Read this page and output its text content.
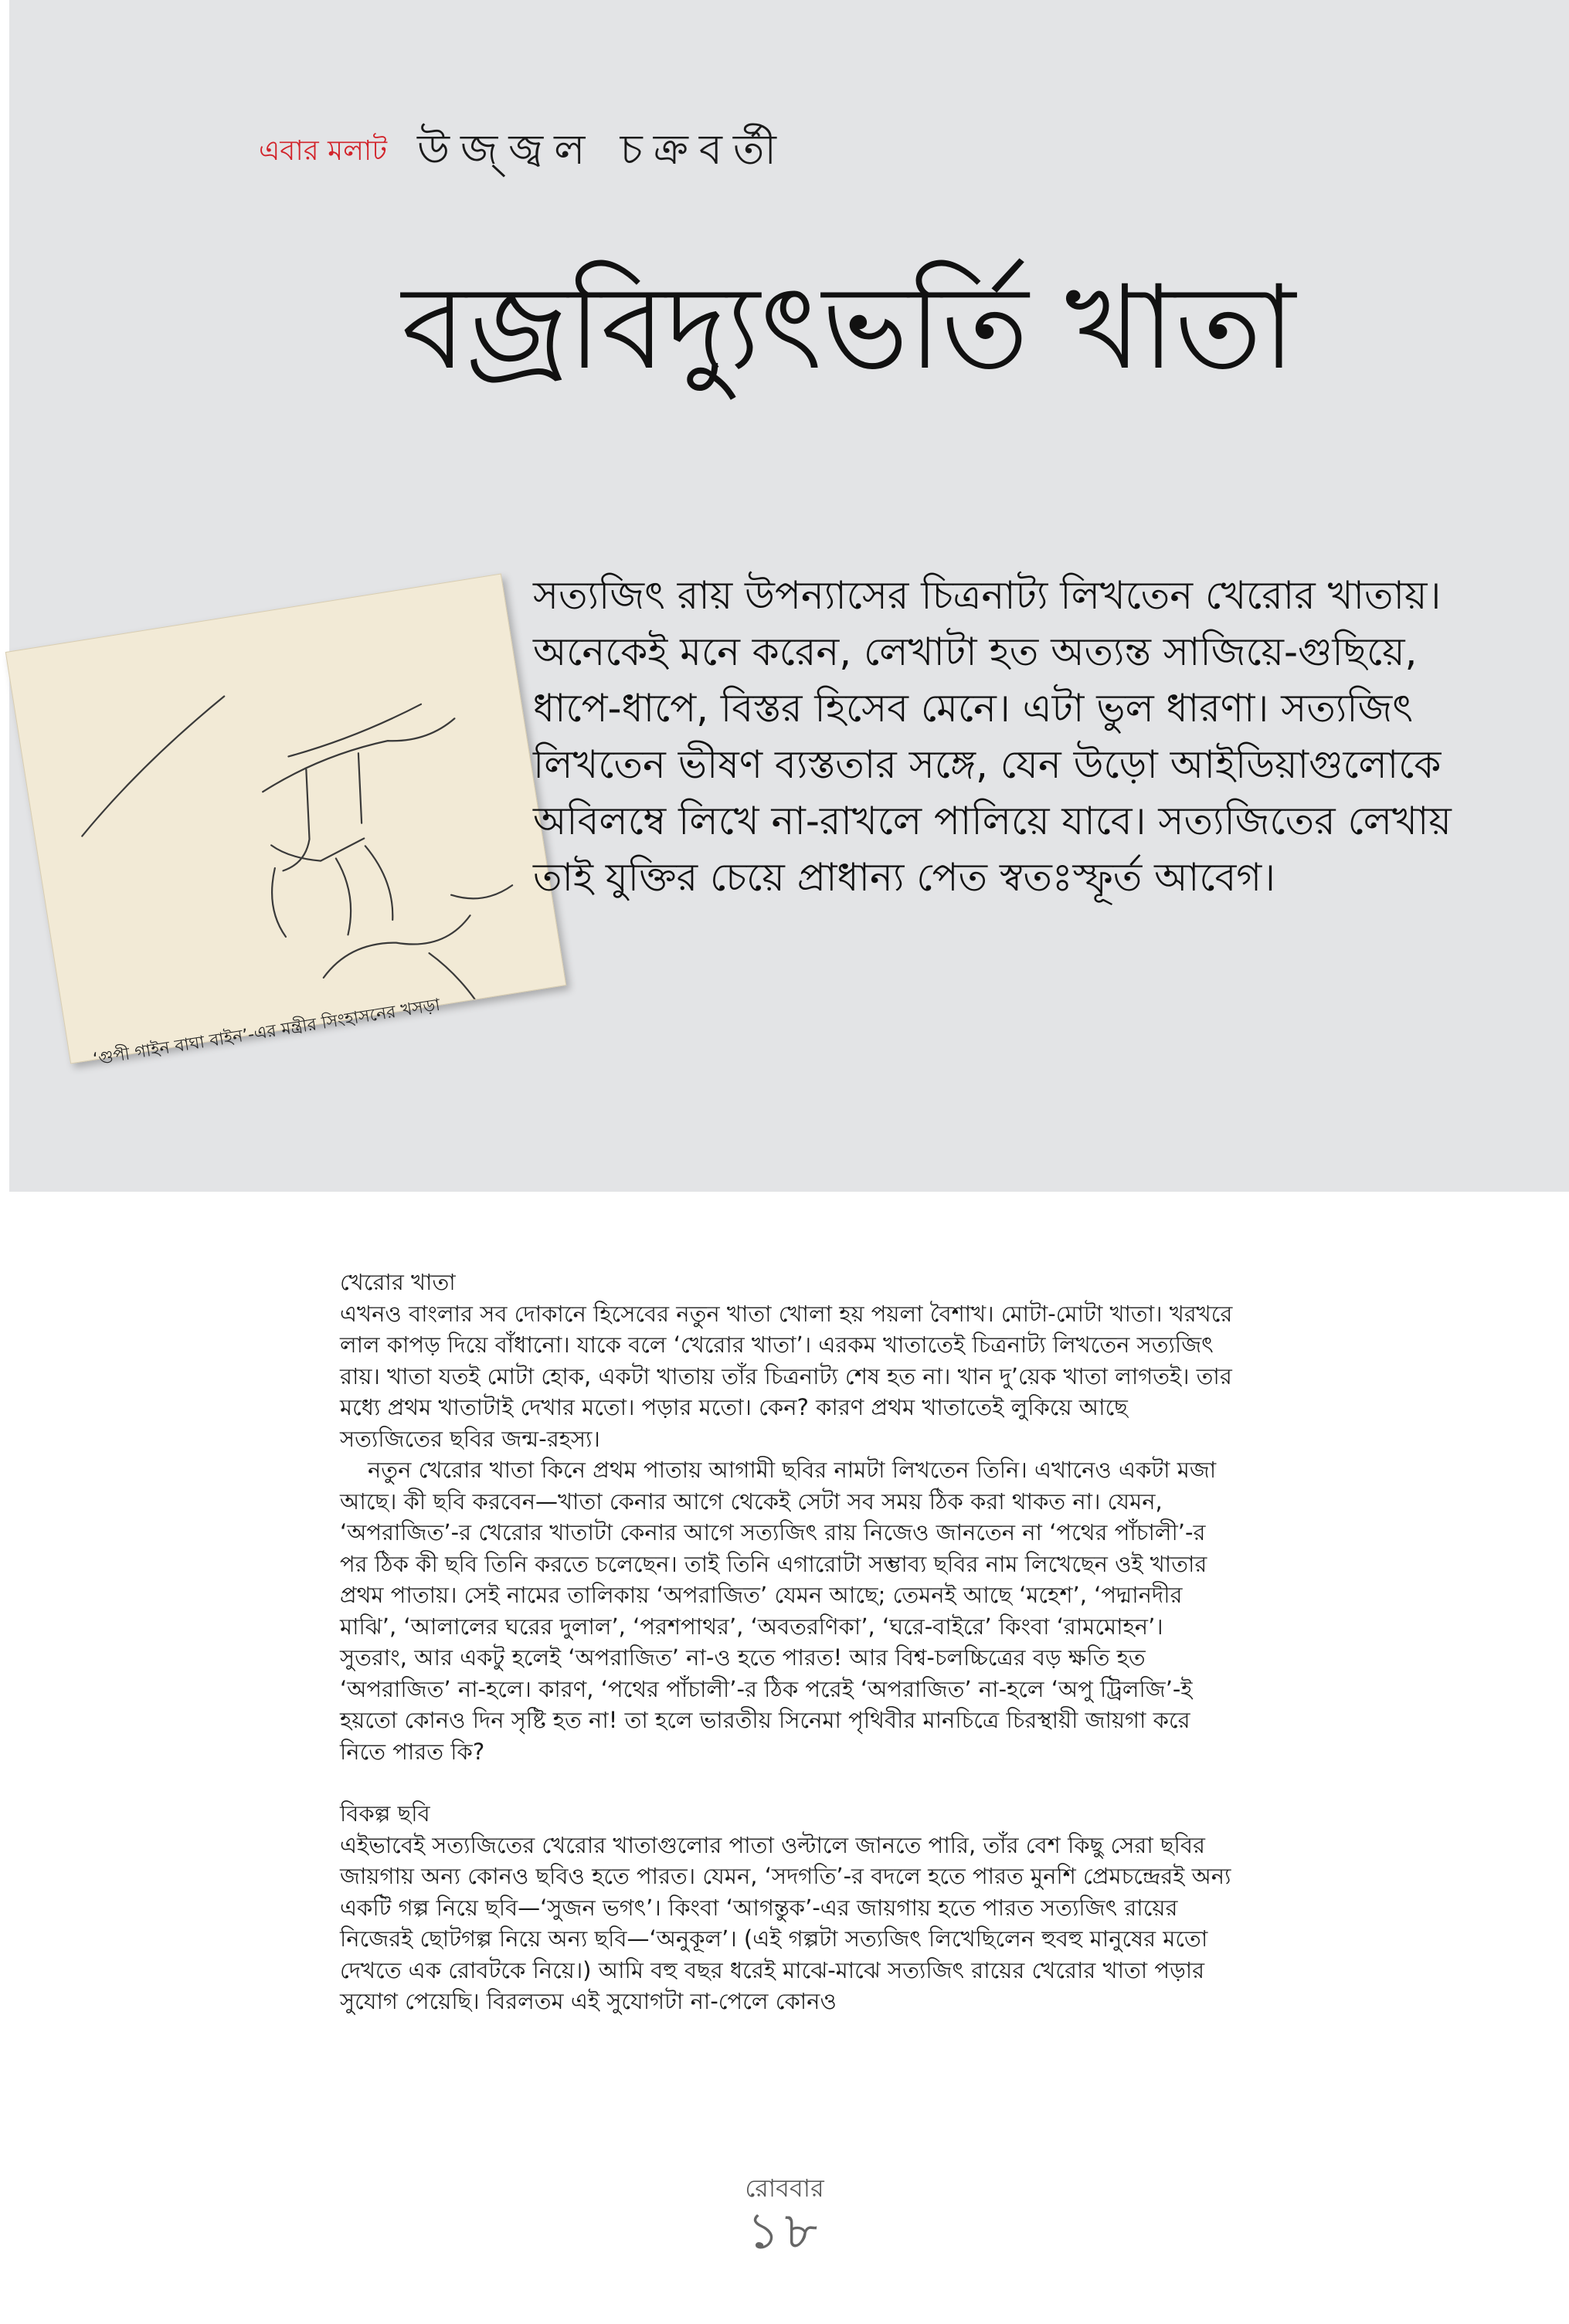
এবার মলাট উজ্জ্বল চক্রবর্তী
বজ্রবিদ্যুৎভর্তি খাতা
‘গুপী গাইন বাঘা বাইন’-এর মন্ত্রীর সিংহাসনের খসড়া

সত্যজিৎ রায় উপন্যাসের চিত্রনাট্য লিখতেন খেরোর খাতায়। অনেকেই মনে করেন, লেখাটা হত অত্যন্ত সাজিয়ে-গুছিয়ে, ধাপে-ধাপে, বিস্তর হিসেব মেনে। এটা ভুল ধারণা। সত্যজিৎ লিখতেন ভীষণ ব্যস্ততার সঙ্গে, যেন উড়ো আইডিয়াগুলোকে অবিলম্বে লিখে না-রাখলে পালিয়ে যাবে। সত্যজিতের লেখায় তাই যুক্তির চেয়ে প্রাধান্য পেত স্বতঃস্ফূর্ত আবেগ।

খেরোর খাতা

এখনও বাংলার সব দোকানে হিসেবের নতুন খাতা খোলা হয় পয়লা বৈশাখ। মোটা-মোটা খাতা। খরখরে লাল কাপড় দিয়ে বাঁধানো। যাকে বলে ‘খেরোর খাতা’। এরকম খাতাতেই চিত্রনাট্য লিখতেন সত্যজিৎ রায়। খাতা যতই মোটা হোক, একটা খাতায় তাঁর চিত্রনাট্য শেষ হত না। খান দু’য়েক খাতা লাগতই। তার মধ্যে প্রথম খাতাটাই দেখার মতো। পড়ার মতো। কেন? কারণ প্রথম খাতাতেই লুকিয়ে আছে সত্যজিতের ছবির জন্ম-রহস্য।

নতুন খেরোর খাতা কিনে প্রথম পাতায় আগামী ছবির নামটা লিখতেন তিনি। এখানেও একটা মজা আছে। কী ছবি করবেন—খাতা কেনার আগে থেকেই সেটা সব সময় ঠিক করা থাকত না। যেমন, ‘অপরাজিত’-র খেরোর খাতাটা কেনার আগে সত্যজিৎ রায় নিজেও জানতেন না ‘পথের পাঁচালী’-র পর ঠিক কী ছবি তিনি করতে চলেছেন। তাই তিনি এগারোটা সম্ভাব্য ছবির নাম লিখেছেন ওই খাতার প্রথম পাতায়। সেই নামের তালিকায় ‘অপরাজিত’ যেমন আছে; তেমনই আছে ‘মহেশ’, ‘পদ্মানদীর মাঝি’, ‘আলালের ঘরের দুলাল’, ‘পরশপাথর’, ‘অবতরণিকা’, ‘ঘরে-বাইরে’ কিংবা ‘রামমোহন’। সুতরাং, আর একটু হলেই ‘অপরাজিত’ না-ও হতে পারত! আর বিশ্ব-চলচ্চিত্রের বড় ক্ষতি হত ‘অপরাজিত’ না-হলে। কারণ, ‘পথের পাঁচালী’-র ঠিক পরেই ‘অপরাজিত’ না-হলে ‘অপু ট্রিলজি’-ই হয়তো কোনও দিন সৃষ্টি হত না! তা হলে ভারতীয় সিনেমা পৃথিবীর মানচিত্রে চিরস্থায়ী জায়গা করে নিতে পারত কি?

বিকল্প ছবি

এইভাবেই সত্যজিতের খেরোর খাতাগুলোর পাতা ওল্টালে জানতে পারি, তাঁর বেশ কিছু সেরা ছবির জায়গায় অন্য কোনও ছবিও হতে পারত। যেমন, ‘সদগতি’-র বদলে হতে পারত মুনশি প্রেমচন্দ্রেরই অন্য একটি গল্প নিয়ে ছবি—‘সুজন ভগৎ’। কিংবা ‘আগন্তুক’-এর জায়গায় হতে পারত সত্যজিৎ রায়ের নিজেরই ছোটগল্প নিয়ে অন্য ছবি—‘অনুকূল’। (এই গল্পটা সত্যজিৎ লিখেছিলেন হুবহু মানুষের মতো দেখতে এক রোবটকে নিয়ে।) আমি বহু বছর ধরেই মাঝে-মাঝে সত্যজিৎ রায়ের খেরোর খাতা পড়ার সুযোগ পেয়েছি। বিরলতম এই সুযোগটা না-পেলে কোনও

রোববার
১৮
